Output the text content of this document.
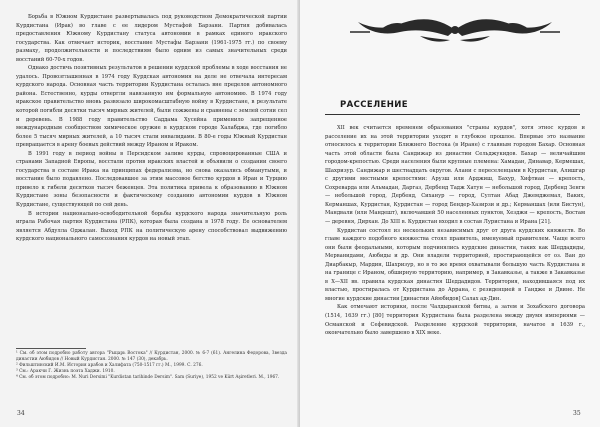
Борьба в Южном Курдистане развертывалась под руководством Демократической партии Курдистана (Ирак) во главе с ее лидером Мустафой Барзани. Партия добивалась предоставления Южному Курдистану статуса автономии в рамках единого иракского государства. Как отмечает историк, восстание Мустафы Барзани (1961-1975 гг.) по своему размаху, продолжительности и последствиям было одним из самых значительных среди восстаний 60-70-х годов.

Однако достичь позитивных результатов в решении курдской проблемы в ходе восстания не удалось. Провозглашенная в 1974 году Курдская автономия на деле не отвечала интересам курдского народа. Основная часть территории Курдистана осталась вне пределов автономного района. Естественно, курды отвергли навязанную им формальную автономию. В 1974 году иракское правительство вновь развязало широкомасштабную войну в Курдистане, в результате которой погибли десятки тысяч мирных жителей, были сожжены и сравнены с землей сотни сел и деревень. В 1988 году правительство Саддама Хусейна применило запрещенное международным сообществом химическое оружие в курдском городе Халабджа, где погибло более 5 тысяч мирных жителей, а 10 тысяч стали инвалидами. В 80-е годы Южный Курдистан превращается в арену боевых действий между Ираном и Ираком.

В 1991 году в период войны в Персидском заливе курды, спровоцированные США и странами Западной Европы, восстали против иракских властей и объявили о создании своего государства в составе Ирака на принципах федерализма, но снова оказались обманутыми, и восстание было подавлено. Последовавшее за этим массовое бегство курдов в Иран и Турцию привело к гибели десятков тысяч беженцев. Эта политика привела к образованию в Южном Курдистане зоны безопасности и фактическому созданию автономии курдов в Южном Курдистане, существующей по сей день.

В истории национально-освободительной борьбы курдского народа значительную роль играла Рабочая партия Курдистана (РПК), которая была создана в 1978 году. Ее основателем является Абдулла Оджалан. Выход РПК на политическую арену способствовал выдвижению курдского национального самосознания курдов на новый этап.

¹ См. об этом подробно работу автора "Рыцарь Востока" // Курдистан, 2000. № 6-7 (61). Ангелина Федорова, Звезда династии Аюбидов // Новый Курдистан. 2000. № 147 (30), декабрь.

² Фильштинский И.М. История арабов и Халифата (750-1517 гг.) М., 1999. С. 276.

³ См.: Аракчи Г. Жизнь поэта Хаджи. 1910.

⁴ См. об этом подробно: М. Nuri Dersimi "Kurdistan tarihinde Dersim". Sam (Suriye), 1952 ve Kürt Aşiretleri. М., 1967.

34
РАССЕЛЕНИЕ

XII век считается временем образования "страны курдов", хотя этнос курдов и расселение их на этой территории уходят в глубокое прошлое. Впервые это название относилось к территории Ближнего Востока (в Иране) с главным городом Бахар. Основная часть этой области была Сандижар из династии Сельджукидов. Бахар — величайшим городом-крепостью. Среди населения были крупные племена: Хамадан, Динавар, Кермешах, Шахризур. Сандижар и шестнадцать округов. Алани с переселенцами в Курдистан, Алишгар с другими местными крепостями: Арузш или Арджиш, Бахур, Хифтиан — крепость, Сохреварда или Альмадан, Даргаз, Дербенд Тадж Хатун — небольшой город, Дербенд Зенги — небольшой город, Дербенд, Сиханур — город, Султан Абад Джемджемал, Ваких, Керманшах, Курдистан, Курдистан — город Бендер-Хазирзи и др.; Керманшах (или Бистун), Мандвали (или Мандешт), включавшей 50 населенных пунктов, Хезджи — крепость, Востам — деревня, Дирхан. До XIII в. Курдистан входил в состав Луристана и Ирана [21].

Курдистан состоял из нескольких независимых друг от друга курдских княжеств. Во главе каждого подобного княжества стоял правитель, именуемый правителем. Чаще всего они были феодальными, которым подчинялись курдские династии, таких как Шеддадиды, Мерванидами, Аюбиды и др. Они владели территорией, простирающейся от оз. Ван до Диарбакыр, Мардин, Шахризур, но в то же время охватывали большую часть Курдистана и на границе с Ираном, обширную территорию, например, в Закавказье, а также в Закавказье в X—XII вв. правила курдская династия Шеддадидов. Территория, находившаяся под их властью, простиралась от Курдистана до Аррана, с резиденцией в Гандже и Двине. Не многие курдские династии [династии Айюбидов] Салах ад-Дин.

Как отмечают историки, после Чалдыранской битвы, а затем и Зохабского договора (1514, 1639 гг.) [80] территория Курдистана была разделена между двумя империями — Османской и Сефевидской. Разделение курдской территории, начатое в 1639 г., окончательно было завершено в XIX веке.

35
